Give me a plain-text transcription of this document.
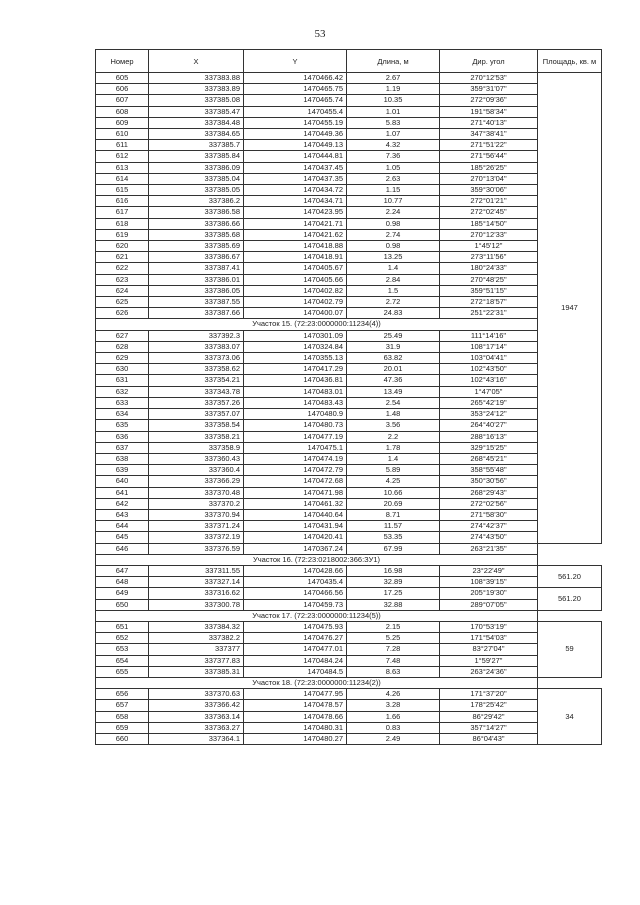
53
Номер	X	Y	Длина, м	Дир. угол	Площадь, кв. м
605	337383.88	1470466.42	2.67	270°12'53"	1947
606	337383.89	1470465.75	1.19	359°31'07"	
607	337385.08	1470465.74	10.35	272°09'36"	
608	337385.47	1470455.4	1.01	191°58'34"	
609	337384.48	1470455.19	5.83	271°40'13"	
610	337384.65	1470449.36	1.07	347°38'41"	
611	337385.7	1470449.13	4.32	271°51'22"	
612	337385.84	1470444.81	7.36	271°56'44"	
613	337386.09	1470437.45	1.05	185°26'25"	
614	337385.04	1470437.35	2.63	270°13'04"	
615	337385.05	1470434.72	1.15	359°30'06"	
616	337386.2	1470434.71	10.77	272°01'21"	
617	337386.58	1470423.95	2.24	272°02'45"	
618	337386.66	1470421.71	0.98	185°14'50"	
619	337385.68	1470421.62	2.74	270°12'33"	
620	337385.69	1470418.88	0.98	1°45'12"	
621	337386.67	1470418.91	13.25	273°11'56"	
622	337387.41	1470405.67	1.4	180°24'33"	
623	337386.01	1470405.66	2.84	270°48'25"	
624	337386.05	1470402.82	1.5	359°51'15"	
625	337387.55	1470402.79	2.72	272°18'57"	
626	337387.66	1470400.07	24.83	251°22'31"	
Участок 15. (72:23:0000000:11234(4))					
627	337392.3	1470301.09	25.49	111°14'16"	
628	337383.07	1470324.84	31.9	108°17'14"	
629	337373.06	1470355.13	63.82	103°04'41"	
630	337358.62	1470417.29	20.01	102°43'50"	
631	337354.21	1470436.81	47.36	102°43'16"	
632	337343.78	1470483.01	13.49	1°47'05"	
633	337357.26	1470483.43	2.54	265°42'19"	
634	337357.07	1470480.9	1.48	353°24'12"	
635	337358.54	1470480.73	3.56	264°40'27"	
636	337358.21	1470477.19	2.2	288°16'13"	
637	337358.9	1470475.1	1.78	329°15'25"	
638	337360.43	1470474.19	1.4	268°45'21"	
639	337360.4	1470472.79	5.89	358°55'48"	
640	337366.29	1470472.68	4.25	350°30'56"	
641	337370.48	1470471.98	10.66	268°29'43"	
642	337370.2	1470461.32	20.69	272°02'56"	
643	337370.94	1470440.64	8.71	271°58'30"	
644	337371.24	1470431.94	11.57	274°42'37"	
645	337372.19	1470420.41	53.35	274°43'50"	
646	337376.59	1470367.24	67.99	263°21'35"	
Участок 16. (72:23:0218002:366:ЗУ1)					
647	337311.55	1470428.66	16.98	23°22'49"	561.20
648	337327.14	1470435.4	32.89	108°39'15"	
649	337316.62	1470466.56	17.25	205°19'30"	561.20
650	337300.78	1470459.73	32.88	289°07'05"	
Участок 17. (72:23:0000000:11234(5))					
651	337384.32	1470475.93	2.15	170°53'19"	59
652	337382.2	1470476.27	5.25	171°54'03"	
653	337377	1470477.01	7.28	83°27'04"	
654	337377.83	1470484.24	7.48	1°59'27"	
655	337385.31	1470484.5	8.63	263°24'36"	
Участок 18. (72:23:0000000:11234(2))					
656	337370.63	1470477.95	4.26	171°37'20"	34
657	337366.42	1470478.57	3.28	178°25'42"	
658	337363.14	1470478.66	1.66	86°29'42"	
659	337363.27	1470480.31	0.83	357°14'27"	
660	337364.1	1470480.27	2.49	86°04'43"	
